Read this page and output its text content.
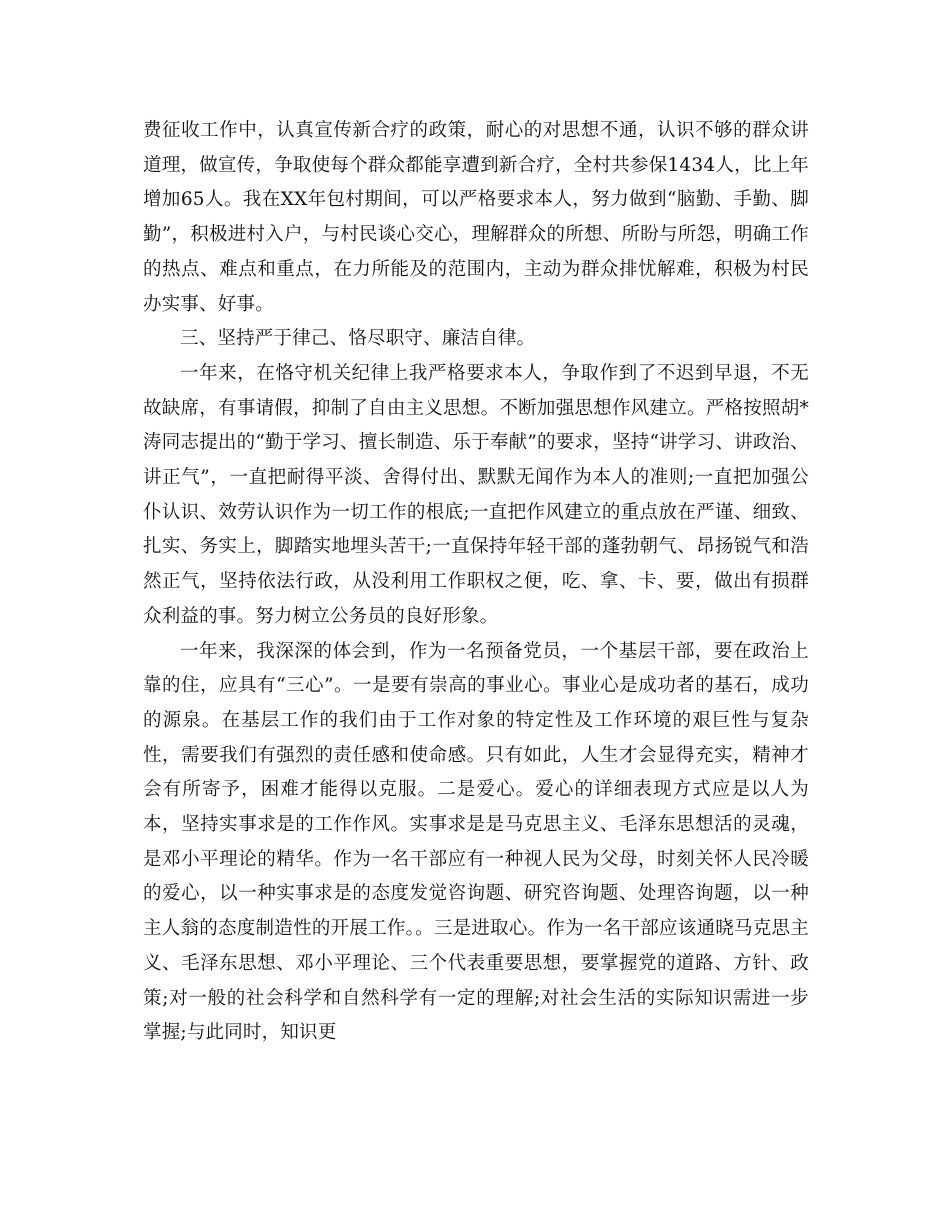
费征收工作中，认真宣传新合疗的政策，耐心的对思想不通，认识不够的群众讲道理，做宣传，争取使每个群众都能享遭到新合疗，全村共参保1434人，比上年增加65人。我在XX年包村期间，可以严格要求本人，努力做到“脑勤、手勤、脚勤”，积极进村入户，与村民谈心交心，理解群众的所想、所盼与所怨，明确工作的热点、难点和重点，在力所能及的范围内，主动为群众排忧解难，积极为村民办实事、好事。

三、坚持严于律己、恪尽职守、廉洁自律。

一年来，在恪守机关纪律上我严格要求本人，争取作到了不迟到早退，不无故缺席，有事请假，抑制了自由主义思想。不断加强思想作风建立。严格按照胡*涛同志提出的“勤于学习、擅长制造、乐于奉献”的要求，坚持“讲学习、讲政治、讲正气”，一直把耐得平淡、舍得付出、默默无闻作为本人的准则;一直把加强公仆认识、效劳认识作为一切工作的根底;一直把作风建立的重点放在严谨、细致、扎实、务实上，脚踏实地埋头苦干;一直保持年轻干部的蓬勃朝气、昂扬锐气和浩然正气，坚持依法行政，从没利用工作职权之便，吃、拿、卡、要，做出有损群众利益的事。努力树立公务员的良好形象。

一年来，我深深的体会到，作为一名预备党员，一个基层干部，要在政治上靠的住，应具有“三心”。一是要有崇高的事业心。事业心是成功者的基石，成功的源泉。在基层工作的我们由于工作对象的特定性及工作环境的艰巨性与复杂性，需要我们有强烈的责任感和使命感。只有如此，人生才会显得充实，精神才会有所寄予，困难才能得以克服。二是爱心。爱心的详细表现方式应是以人为本，坚持实事求是的工作作风。实事求是是马克思主义、毛泽东思想活的灵魂，是邓小平理论的精华。作为一名干部应有一种视人民为父母，时刻关怀人民冷暖的爱心，以一种实事求是的态度发觉咨询题、研究咨询题、处理咨询题，以一种主人翁的态度制造性的开展工作。。三是进取心。作为一名干部应该通晓马克思主义、毛泽东思想、邓小平理论、三个代表重要思想，要掌握党的道路、方针、政策;对一般的社会科学和自然科学有一定的理解;对社会生活的实际知识需进一步掌握;与此同时，知识更
